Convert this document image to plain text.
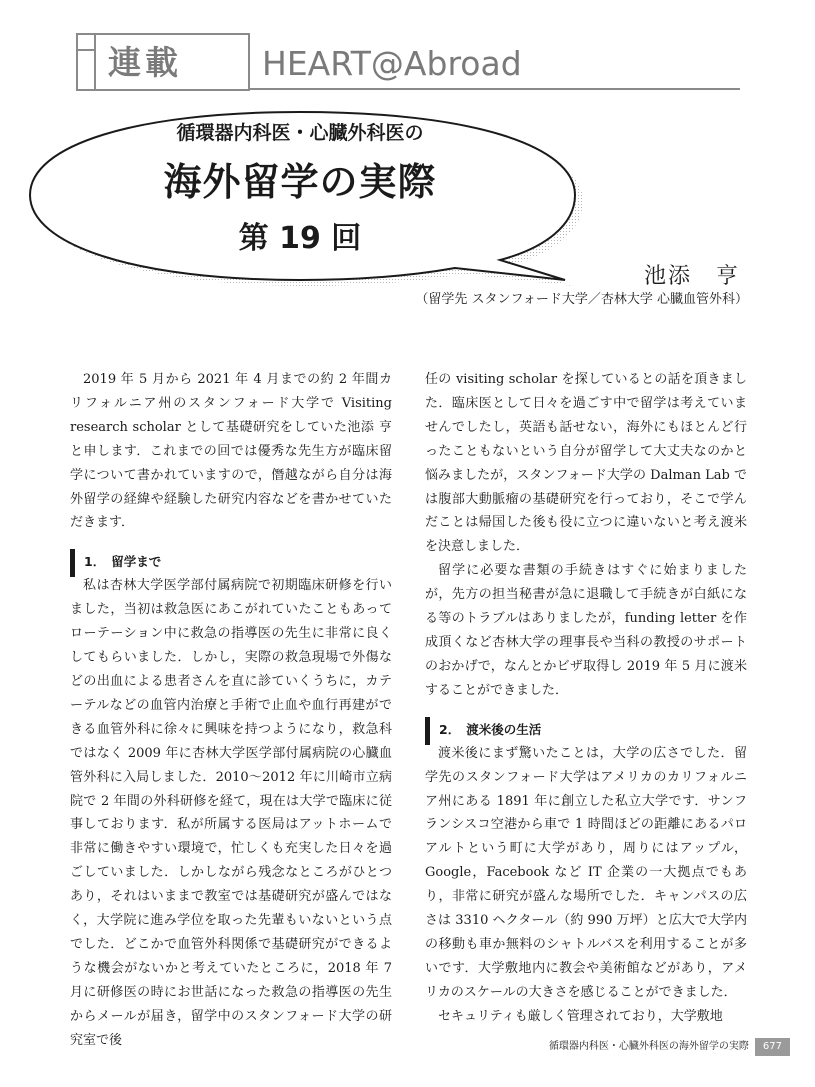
連載 HEART@Abroad
循環器内科医・心臓外科医の
海外留学の実際
第 19 回
池添　亨
（留学先 スタンフォード大学／杏林大学 心臓血管外科）

2019 年 5 月から 2021 年 4 月までの約 2 年間カリフォルニア州のスタンフォード大学で Visiting research scholar として基礎研究をしていた池添 亨と申します．これまでの回では優秀な先生方が臨床留学について書かれていますので，僭越ながら自分は海外留学の経緯や経験した研究内容などを書かせていただきます．

1． 留学まで

私は杏林大学医学部付属病院で初期臨床研修を行いました，当初は救急医にあこがれていたこともあってローテーション中に救急の指導医の先生に非常に良くしてもらいました．しかし，実際の救急現場で外傷などの出血による患者さんを直に診ていくうちに，カテーテルなどの血管内治療と手術で止血や血行再建ができる血管外科に徐々に興味を持つようになり，救急科ではなく 2009 年に杏林大学医学部付属病院の心臓血管外科に入局しました．2010〜2012 年に川崎市立病院で 2 年間の外科研修を経て，現在は大学で臨床に従事しております．私が所属する医局はアットホームで非常に働きやすい環境で，忙しくも充実した日々を過ごしていました．しかしながら残念なところがひとつあり，それはいままで教室では基礎研究が盛んではなく，大学院に進み学位を取った先輩もいないという点でした．どこかで血管外科関係で基礎研究ができるような機会がないかと考えていたところに，2018 年 7 月に研修医の時にお世話になった救急の指導医の先生からメールが届き，留学中のスタンフォード大学の研究室で後

任の visiting scholar を探しているとの話を頂きました．臨床医として日々を過ごす中で留学は考えていませんでしたし，英語も話せない，海外にもほとんど行ったこともないという自分が留学して大丈夫なのかと悩みましたが，スタンフォード大学の Dalman Lab では腹部大動脈瘤の基礎研究を行っており，そこで学んだことは帰国した後も役に立つに違いないと考え渡米を決意しました．

留学に必要な書類の手続きはすぐに始まりましたが，先方の担当秘書が急に退職して手続きが白紙になる等のトラブルはありましたが，funding letter を作成頂くなど杏林大学の理事長や当科の教授のサポートのおかげで，なんとかビザ取得し 2019 年 5 月に渡米することができました．

2． 渡米後の生活

渡米後にまず驚いたことは，大学の広さでした．留学先のスタンフォード大学はアメリカのカリフォルニア州にある 1891 年に創立した私立大学です．サンフランシスコ空港から車で 1 時間ほどの距離にあるパロアルトという町に大学があり，周りにはアップル，Google，Facebook など IT 企業の一大拠点でもあり，非常に研究が盛んな場所でした．キャンパスの広さは 3310 ヘクタール（約 990 万坪）と広大で大学内の移動も車か無料のシャトルバスを利用することが多いです．大学敷地内に教会や美術館などがあり，アメリカのスケールの大きさを感じることができました．

セキュリティも厳しく管理されており，大学敷地

循環器内科医・心臓外科医の海外留学の実際 677
